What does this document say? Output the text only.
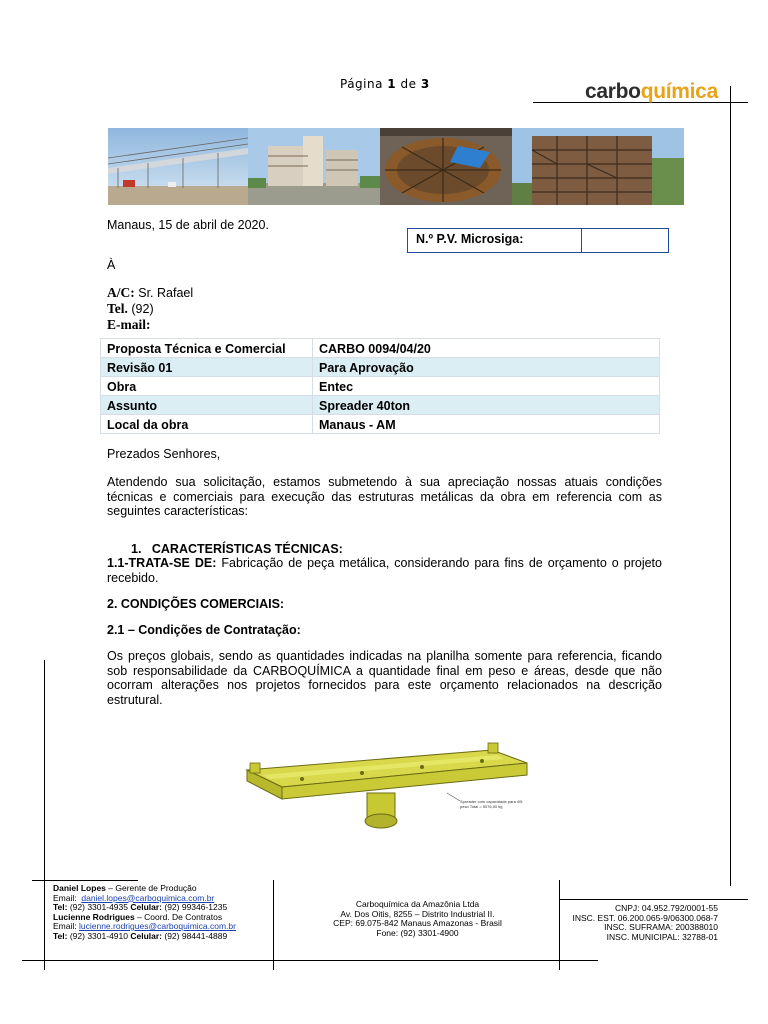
Página 1 de 3	carboquímica
Manaus, 15 de abril de 2020.
N.º P.V. Microsiga:
À
A/C: Sr. Rafael
Tel. (92)
E-mail:
Proposta Técnica e Comercial	CARBO 0094/04/20
Revisão 01	Para Aprovação
Obra	Entec
Assunto	Spreader 40ton
Local da obra	Manaus - AM
Prezados Senhores,
Atendendo sua solicitação, estamos submetendo à sua apreciação nossas atuais condições técnicas e comerciais para execução das estruturas metálicas da obra em referencia com as seguintes características:
1. CARACTERÍSTICAS TÉCNICAS:
1.1-TRATA-SE DE: Fabricação de peça metálica, considerando para fins de orçamento o projeto recebido.
2. CONDIÇÕES COMERCIAIS:
2.1 – Condições de Contratação:
Os preços globais, sendo as quantidades indicadas na planilha somente para referencia, ficando sob responsabilidade da CARBOQUÍMICA a quantidade final em peso e áreas, desde que não ocorram alterações nos projetos fornecidos para este orçamento relacionados na descrição estrutural.
Spreader com capacidade para 40t
peso Total = 5076,00 kg
Daniel Lopes – Gerente de Produção
Email: daniel.lopes@carboquimica.com.br
Tel: (92) 3301-4935 Celular: (92) 99346-1235
Lucienne Rodrigues – Coord. De Contratos
Email: lucienne.rodrigues@carboquimica.com.br
Tel: (92) 3301-4910 Celular: (92) 98441-4889
Carboquímica da Amazônia Ltda
Av. Dos Oitis, 8255 – Distrito Industrial II.
CEP: 69.075-842 Manaus Amazonas - Brasil
Fone: (92) 3301-4900
CNPJ: 04.952.792/0001-55
INSC. EST. 06.200.065-9/06300.068-7
INSC. SUFRAMA: 200388010
INSC. MUNICIPAL: 32788-01
